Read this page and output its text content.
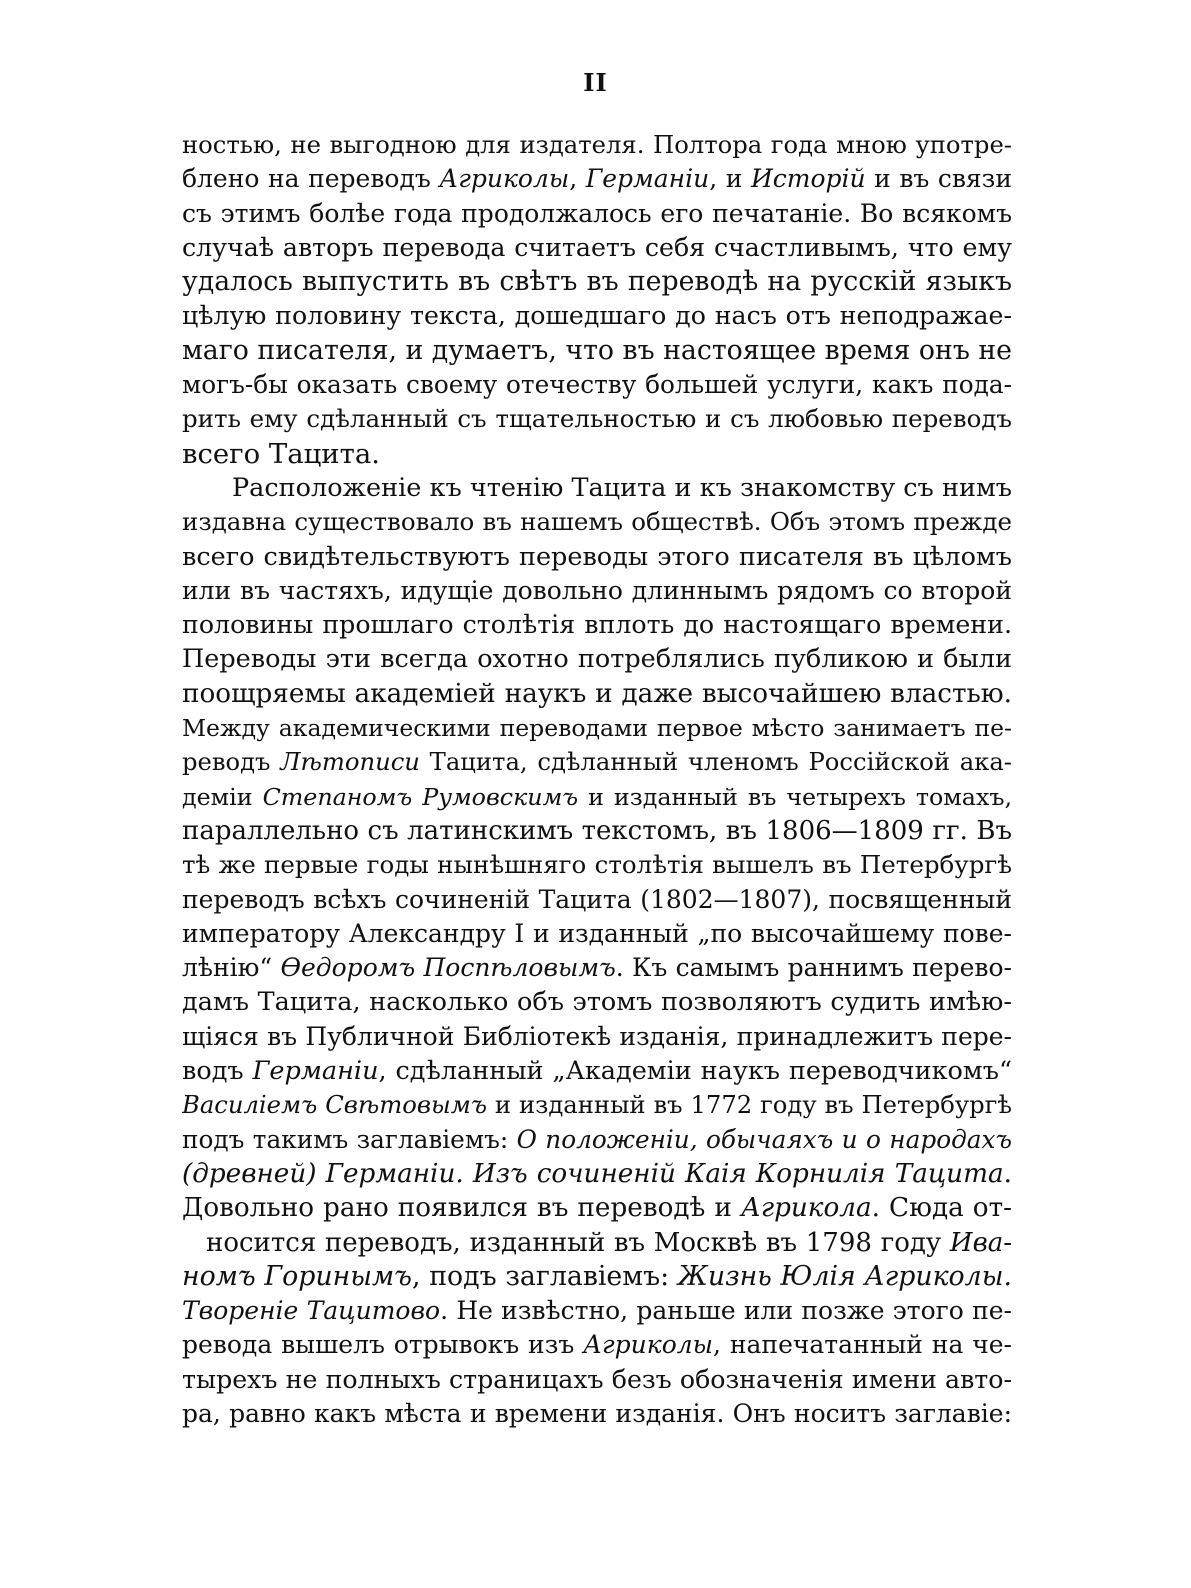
II
ностью, не выгодною для издателя. Полтора года мною употре-
блено на переводъ Агриколы, Германіи, и Исторій и въ связи
съ этимъ болѣе года продолжалось его печатаніе. Во всякомъ
случаѣ авторъ перевода считаетъ себя счастливымъ, что ему
удалось выпустить въ свѣтъ въ переводѣ на русскій языкъ
цѣлую половину текста, дошедшаго до насъ отъ неподражае-
маго писателя, и думаетъ, что въ настоящее время онъ не
могъ-бы оказать своему отечеству большей услуги, какъ пода-
рить ему сдѣланный съ тщательностью и съ любовью переводъ
всего Тацита.
Расположеніе къ чтенію Тацита и къ знакомству съ нимъ
издавна существовало въ нашемъ обществѣ. Объ этомъ прежде
всего свидѣтельствуютъ переводы этого писателя въ цѣломъ
или въ частяхъ, идущіе довольно длиннымъ рядомъ со второй
половины прошлаго столѣтія вплоть до настоящаго времени.
Переводы эти всегда охотно потреблялись публикою и были
поощряемы академіей наукъ и даже высочайшею властью.
Между академическими переводами первое мѣсто занимаетъ пе-
реводъ Лѣтописи Тацита, сдѣланный членомъ Россійской ака-
деміи Степаномъ Румовскимъ и изданный въ четырехъ томахъ,
параллельно съ латинскимъ текстомъ, въ 1806—1809 гг. Въ
тѣ же первые годы нынѣшняго столѣтія вышелъ въ Петербургѣ
переводъ всѣхъ сочиненій Тацита (1802—1807), посвященный
императору Александру I и изданный „по высочайшему пове-
лѣнію“ Ѳедоромъ Поспѣловымъ. Къ самымъ раннимъ перево-
дамъ Тацита, насколько объ этомъ позволяютъ судить имѣю-
щіяся въ Публичной Библіотекѣ изданія, принадлежитъ пере-
водъ Германіи, сдѣланный „Академіи наукъ переводчикомъ“
Василіемъ Свѣтовымъ и изданный въ 1772 году въ Петербургѣ
подъ такимъ заглавіемъ: О положеніи, обычаяхъ и о народахъ
(древней) Германіи. Изъ сочиненій Каія Корнилія Тацита.
Довольно рано появился въ переводѣ и Агрикола. Сюда от-
носится переводъ, изданный въ Москвѣ въ 1798 году Ива-
номъ Горинымъ, подъ заглавіемъ: Жизнь Юлія Агриколы.
Твореніе Тацитово. Не извѣстно, раньше или позже этого пе-
ревода вышелъ отрывокъ изъ Агриколы, напечатанный на че-
тырехъ не полныхъ страницахъ безъ обозначенія имени авто-
ра, равно какъ мѣста и времени изданія. Онъ носитъ заглавіе:
